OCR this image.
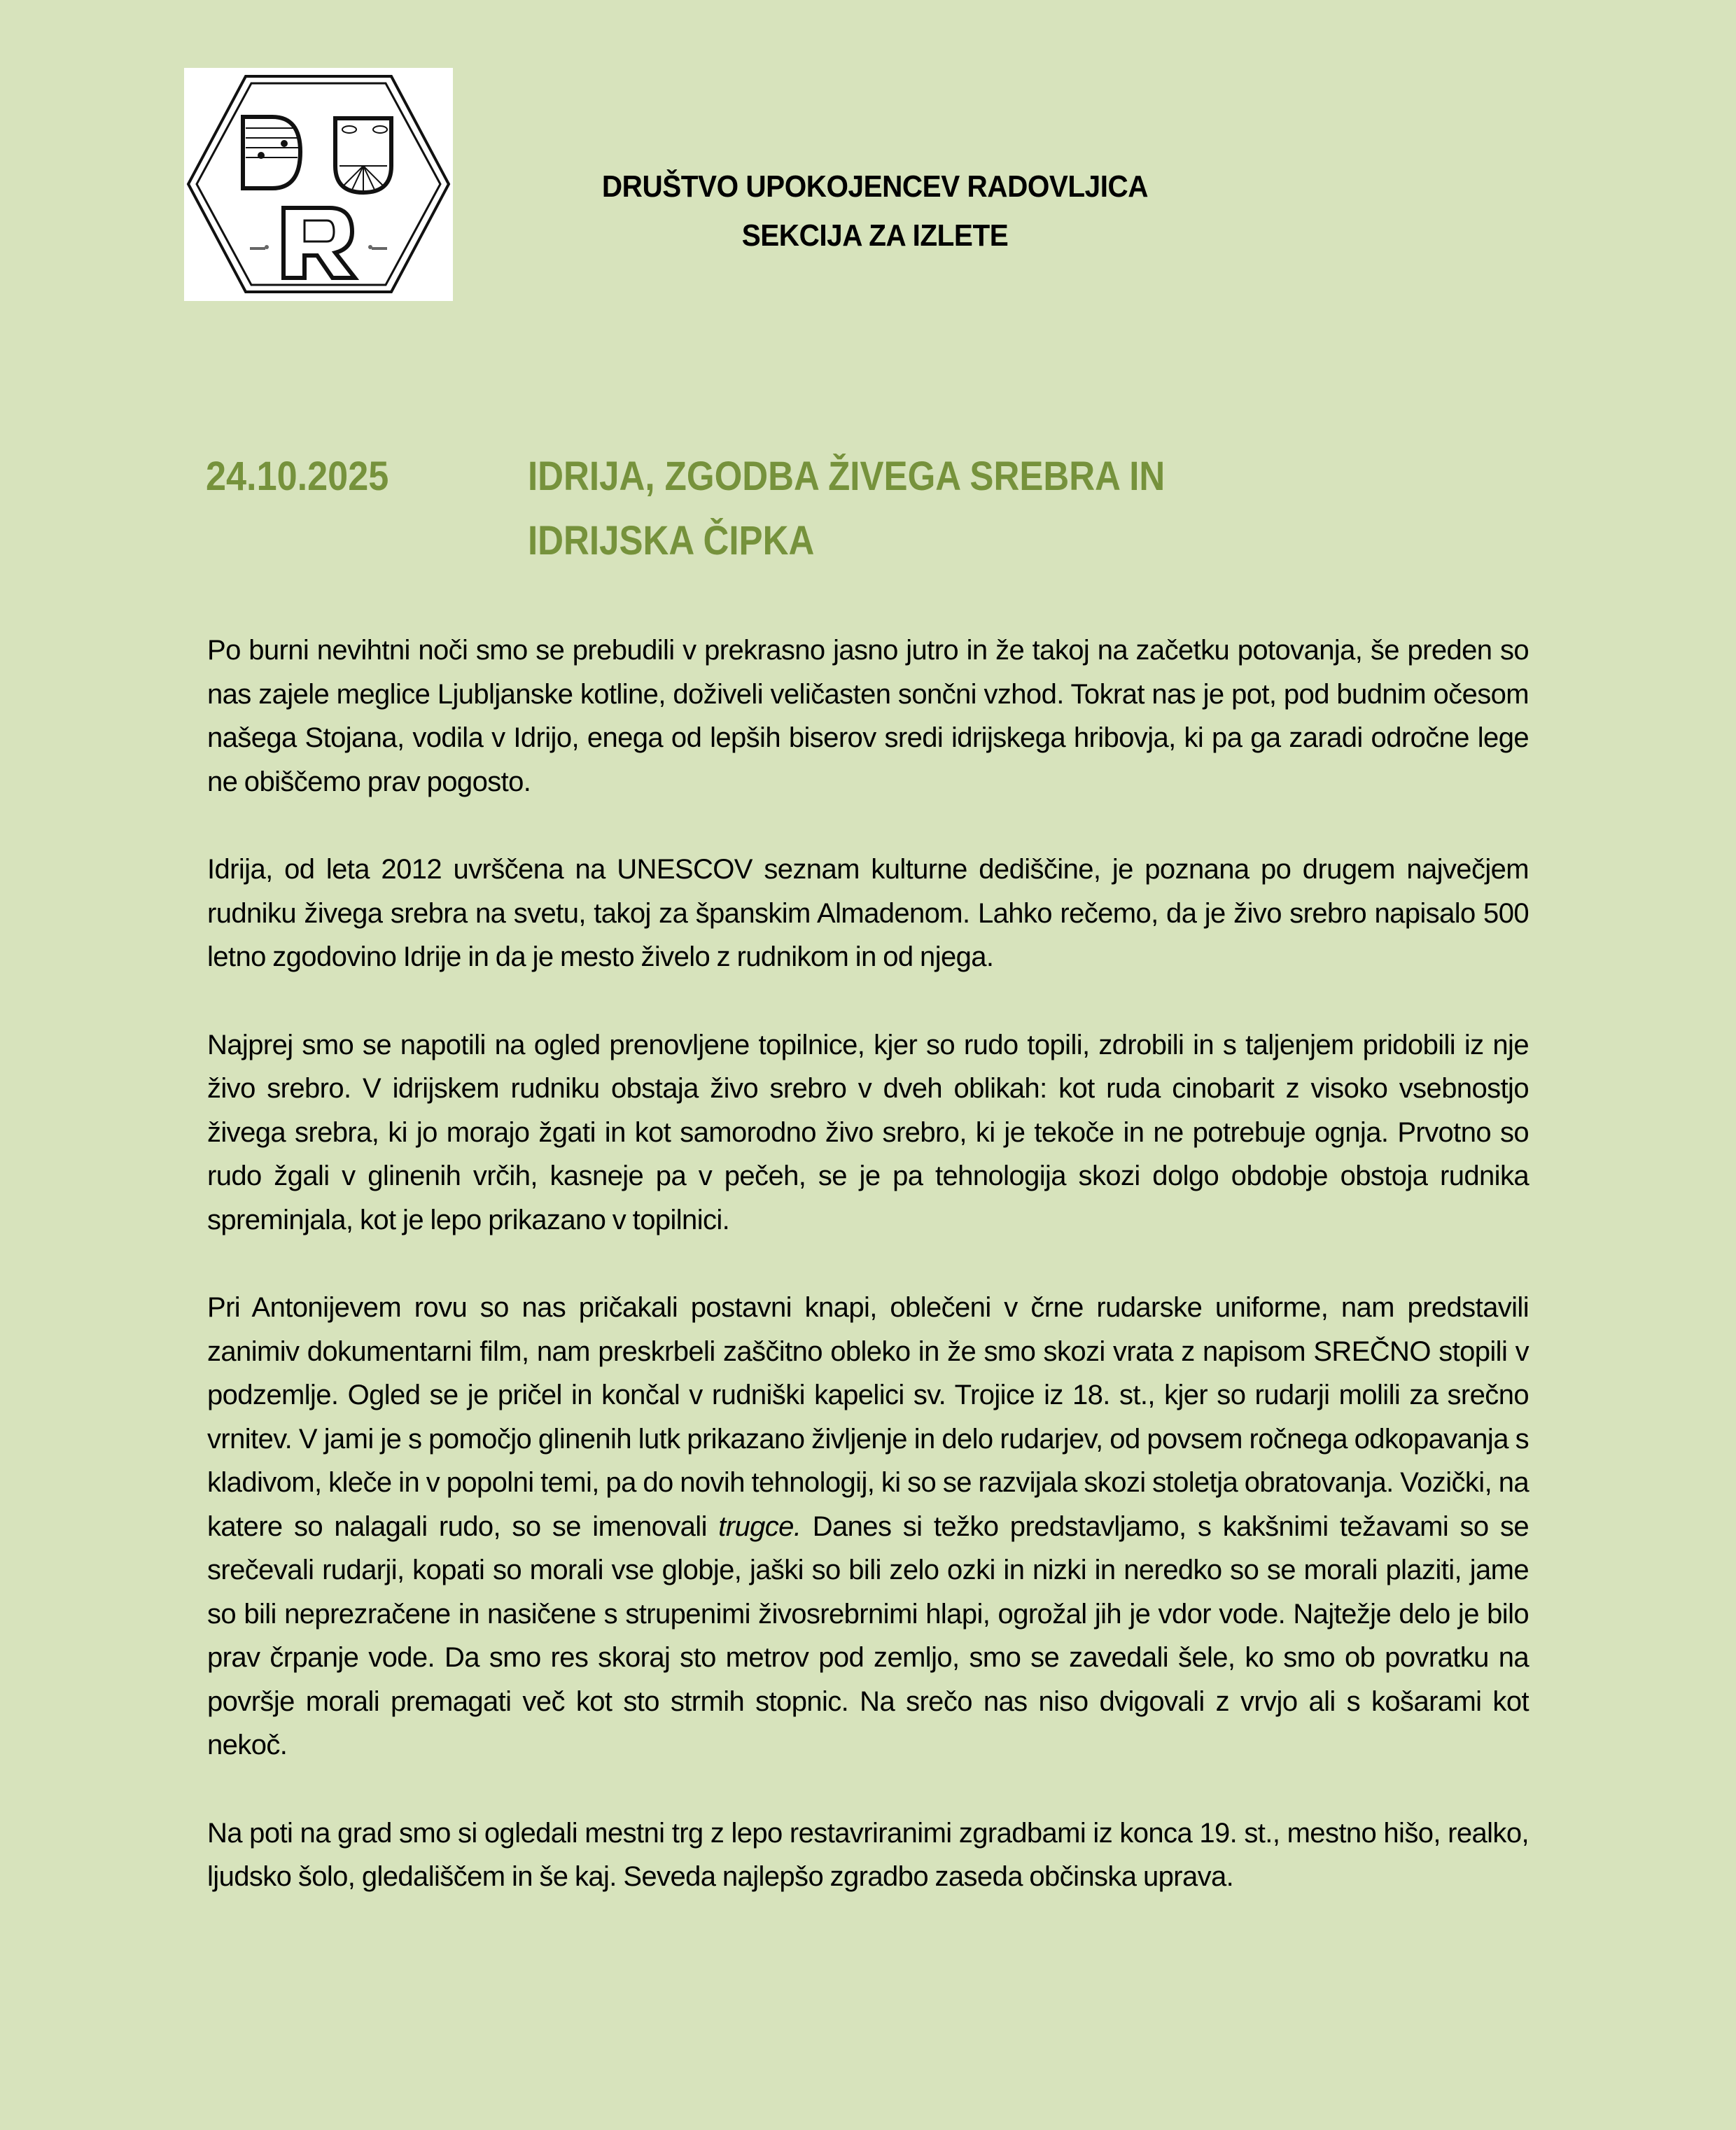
DRUŠTVO UPOKOJENCEV RADOVLJICA
SEKCIJA ZA IZLETE
24.10.2025	IDRIJA, ZGODBA ŽIVEGA SREBRA IN
IDRIJSKA ČIPKA

Po burni nevihtni noči smo se prebudili v prekrasno jasno jutro in že takoj na začetku potovanja, še preden so nas zajele meglice Ljubljanske kotline, doživeli veličasten sončni vzhod. Tokrat nas je pot, pod budnim očesom našega Stojana, vodila v Idrijo, enega od lepših biserov sredi idrijskega hribovja, ki pa ga zaradi odročne lege ne obiščemo prav pogosto.

Idrija, od leta 2012 uvrščena na UNESCOV seznam kulturne dediščine, je poznana po drugem največjem rudniku živega srebra na svetu, takoj za španskim Almadenom. Lahko rečemo, da je živo srebro napisalo 500 letno zgodovino Idrije in da je mesto živelo z rudnikom in od njega.

Najprej smo se napotili na ogled prenovljene topilnice, kjer so rudo topili, zdrobili in s taljenjem pridobili iz nje živo srebro. V idrijskem rudniku obstaja živo srebro v dveh oblikah: kot ruda cinobarit z visoko vsebnostjo živega srebra, ki jo morajo žgati in kot samorodno živo srebro, ki je tekoče in ne potrebuje ognja. Prvotno so rudo žgali v glinenih vrčih, kasneje pa v pečeh, se je pa tehnologija skozi dolgo obdobje obstoja rudnika spreminjala, kot je lepo prikazano v topilnici.

Pri Antonijevem rovu so nas pričakali postavni knapi, oblečeni v črne rudarske uniforme, nam predstavili zanimiv dokumentarni film, nam preskrbeli zaščitno obleko in že smo skozi vrata z napisom SREČNO stopili v podzemlje. Ogled se je pričel in končal v rudniški kapelici sv. Trojice iz 18. st., kjer so rudarji molili za srečno vrnitev. V jami je s pomočjo glinenih lutk prikazano življenje in delo rudarjev, od povsem ročnega odkopavanja s kladivom, kleče in v popolni temi, pa do novih tehnologij, ki so se razvijala skozi stoletja obratovanja. Vozički, na katere so nalagali rudo, so se imenovali trugce. Danes si težko predstavljamo, s kakšnimi težavami so se srečevali rudarji, kopati so morali vse globje, jaški so bili zelo ozki in nizki in neredko so se morali plaziti, jame so bili neprezračene in nasičene s strupenimi živosrebrnimi hlapi, ogrožal jih je vdor vode. Najtežje delo je bilo prav črpanje vode. Da smo res skoraj sto metrov pod zemljo, smo se zavedali šele, ko smo ob povratku na površje morali premagati več kot sto strmih stopnic. Na srečo nas niso dvigovali z vrvjo ali s košarami kot nekoč.

Na poti na grad smo si ogledali mestni trg z lepo restavriranimi zgradbami iz konca 19. st., mestno hišo, realko, ljudsko šolo, gledališčem in še kaj. Seveda najlepšo zgradbo zaseda občinska uprava.
